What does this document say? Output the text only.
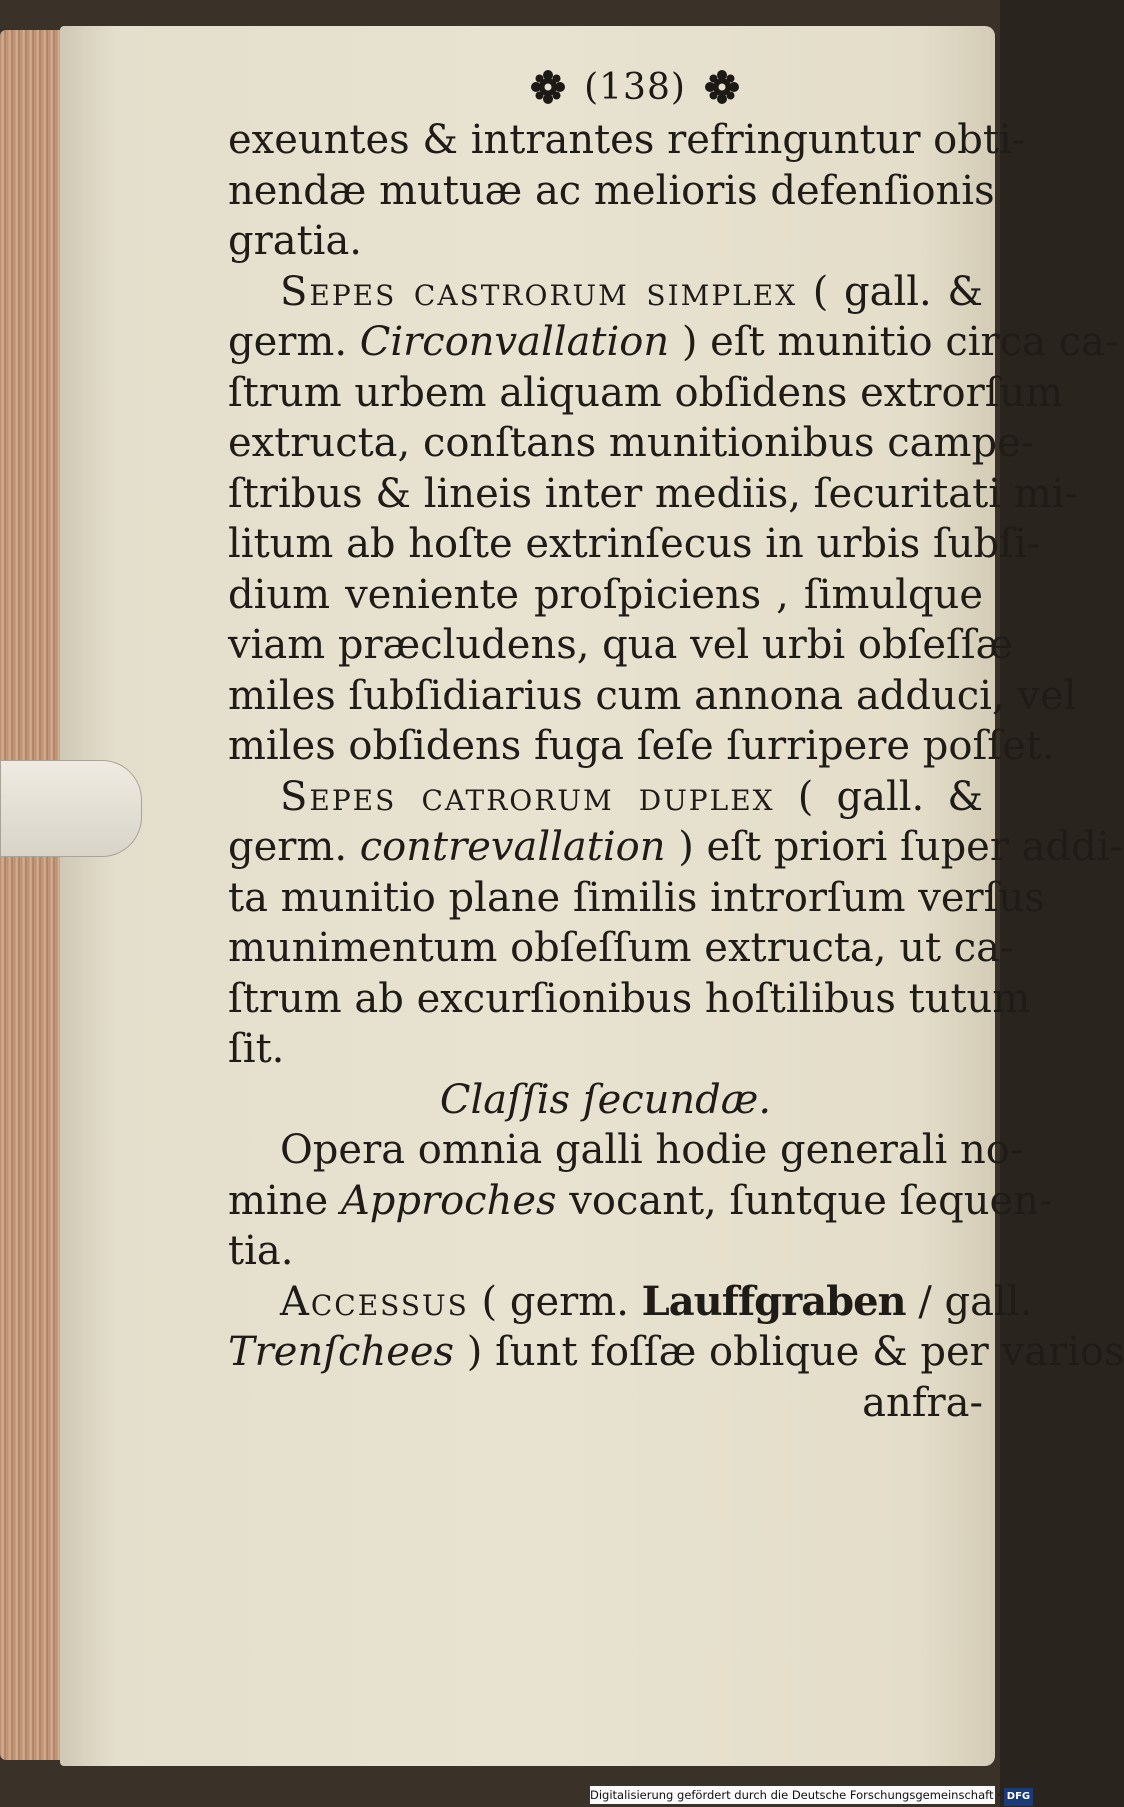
(138)
exeuntes & intrantes refringuntur obti-
nendæ mutuæ ac melioris defenſionis
gratia.
Sepes castrorum simplex ( gall. &
germ. Circonvallation ) eſt munitio circa ca-
ſtrum urbem aliquam obſidens extrorſum
extructa, conſtans munitionibus campe-
ſtribus & lineis inter mediis, ſecuritati mi-
litum ab hoſte extrinſecus in urbis ſubſi-
dium veniente proſpiciens , ſimulque
viam præcludens, qua vel urbi obſeſſæ
miles ſubſidiarius cum annona adduci, vel
miles obſidens fuga ſeſe ſurripere poſſet.
Sepes catrorum duplex ( gall. &
germ. contrevallation ) eſt priori ſuper addi-
ta munitio plane ſimilis introrſum verſus
munimentum obſeſſum extructa, ut ca-
ſtrum ab excurſionibus hoſtilibus tutum
ſit.
Claſſis ſecundæ.
Opera omnia galli hodie generali no-
mine Approches vocant, ſuntque ſequen-
tia.
Accessus ( germ. Lauffgraben / gall.
Trenſchees ) ſunt foſſæ oblique & per varios
anfra-
Digitalisierung gefördert durch die Deutsche Forschungsgemeinschaft · DFG
